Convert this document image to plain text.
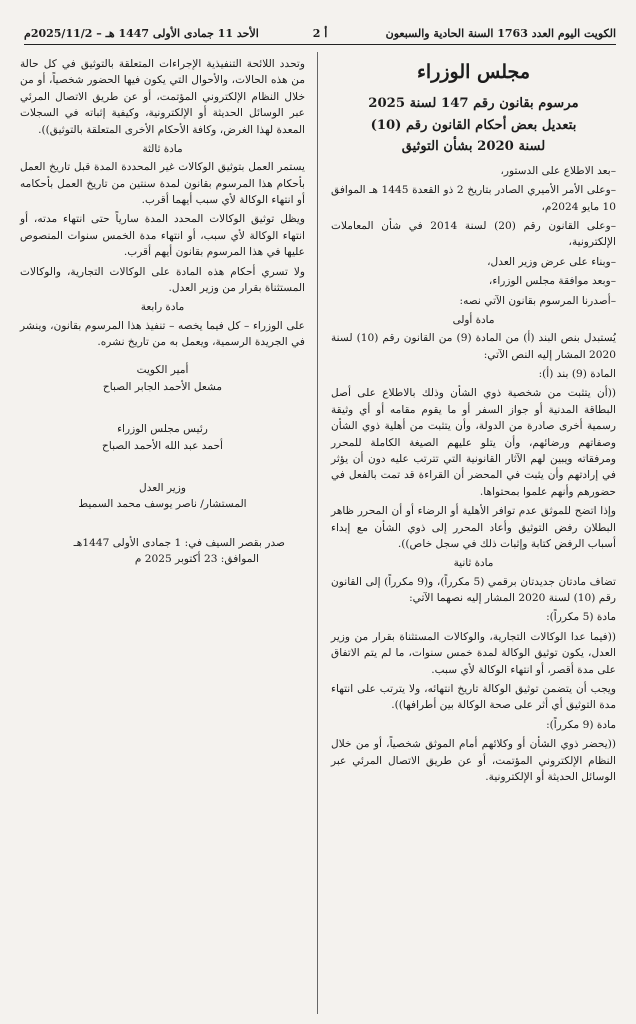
الكويت اليوم العدد 1763 السنة الحادية والسبعون
أ 2
الأحد 11 جمادى الأولى 1447 هـ – 2025/11/2م
مجلس الوزراء
مرسوم بقانون رقم 147 لسنة 2025
بتعديل بعض أحكام القانون رقم (10)
لسنة 2020 بشأن التوثيق

–بعد الاطلاع على الدستور،

–وعلى الأمر الأميري الصادر بتاريخ 2 ذو القعدة 1445 هـ الموافق 10 مايو 2024م،

–وعلى القانون رقم (20) لسنة 2014 في شأن المعاملات الإلكترونية،

–وبناء على عرض وزير العدل،

–وبعد موافقة مجلس الوزراء،

–أصدرنا المرسوم بقانون الآتي نصه:

مادة أولى

يُستبدل بنص البند (أ) من المادة (9) من القانون رقم (10) لسنة 2020 المشار إليه النص الآتي:

المادة (9) بند (أ):

((أن يتثبت من شخصية ذوي الشأن وذلك بالاطلاع على أصل البطاقة المدنية أو جواز السفر أو ما يقوم مقامه أو أي وثيقة رسمية أخرى صادرة من الدولة، وأن يتثبت من أهلية ذوي الشأن وصفاتهم ورضائهم، وأن يتلو عليهم الصيغة الكاملة للمحرر ومرفقاته ويبين لهم الآثار القانونية التي تترتب عليه دون أن يؤثر في إرادتهم وأن يثبت في المحضر أن القراءة قد تمت بالفعل في حضورهم وأنهم علموا بمحتواها.

وإذا اتضح للموثق عدم توافر الأهلية أو الرضاء أو أن المحرر ظاهر البطلان رفض التوثيق وأعاد المحرر إلى ذوي الشأن مع إبداء أسباب الرفض كتابة وإثبات ذلك في سجل خاص)).

مادة ثانية

تضاف مادتان جديدتان برقمي (5 مكرراً)، و(9 مكرراً) إلى القانون رقم (10) لسنة 2020 المشار إليه نصهما الآتي:

مادة (5 مكرراً):

((فيما عدا الوكالات التجارية، والوكالات المستثناة بقرار من وزير العدل، يكون توثيق الوكالة لمدة خمس سنوات، ما لم يتم الاتفاق على مدة أقصر، أو انتهاء الوكالة لأي سبب.

ويجب أن يتضمن توثيق الوكالة تاريخ انتهائه، ولا يترتب على انتهاء مدة التوثيق أي أثر على صحة الوكالة بين أطرافها)).

مادة (9 مكرراً):

((يحضر ذوي الشأن أو وكلائهم أمام الموثق شخصياً، أو من خلال النظام الإلكتروني المؤتمت، أو عن طريق الاتصال المرئي عبر الوسائل الحديثة أو الإلكترونية.

وتحدد اللائحة التنفيذية الإجراءات المتعلقة بالتوثيق في كل حالة من هذه الحالات، والأحوال التي يكون فيها الحضور شخصياً، أو من خلال النظام الإلكتروني المؤتمت، أو عن طريق الاتصال المرئي عبر الوسائل الحديثة أو الإلكترونية، وكيفية إثباته في السجلات المعدة لهذا الغرض، وكافة الأحكام الأخرى المتعلقة بالتوثيق)).

مادة ثالثة

يستمر العمل بتوثيق الوكالات غير المحددة المدة قبل تاريخ العمل بأحكام هذا المرسوم بقانون لمدة سنتين من تاريخ العمل بأحكامه أو انتهاء الوكالة لأي سبب أيهما أقرب.

ويظل توثيق الوكالات المحدد المدة سارياً حتى انتهاء مدته، أو انتهاء الوكالة لأي سبب، أو انتهاء مدة الخمس سنوات المنصوص عليها في هذا المرسوم بقانون أيهم أقرب.

ولا تسري أحكام هذه المادة على الوكالات التجارية، والوكالات المستثناة بقرار من وزير العدل.

مادة رابعة

على الوزراء – كل فيما يخصه – تنفيذ هذا المرسوم بقانون، وينشر في الجريدة الرسمية، ويعمل به من تاريخ نشره.

أمير الكويت
مشعل الأحمد الجابر الصباح
رئيس مجلس الوزراء
أحمد عبد الله الأحمد الصباح
وزير العدل
المستشار/ ناصر يوسف محمد السميط
صدر بقصر السيف في: 1 جمادى الأولى 1447هـ
الموافق: 23 أكتوبر 2025 م
